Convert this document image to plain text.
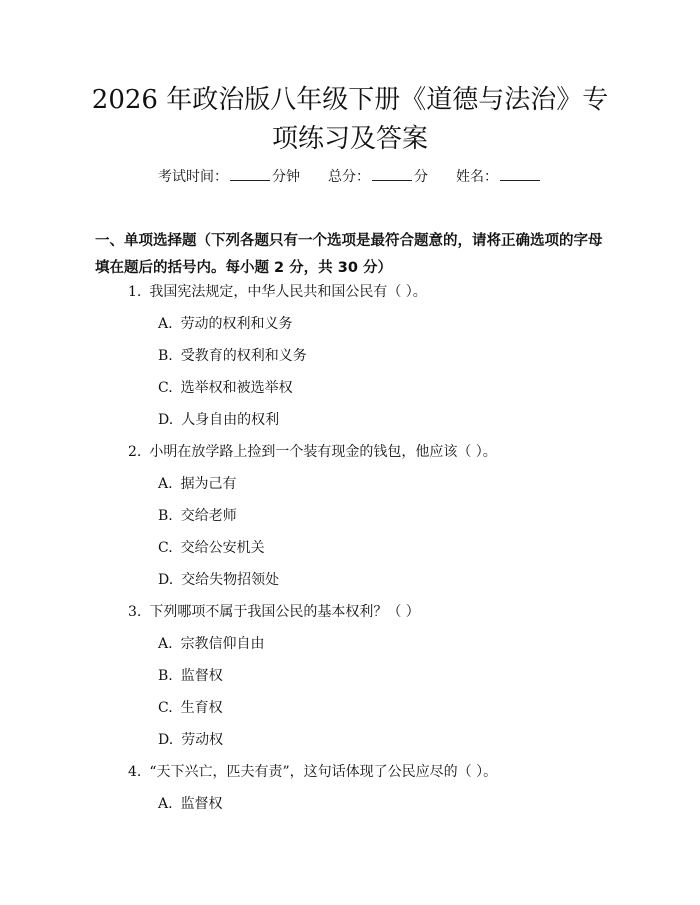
2026 年政治版八年级下册《道德与法治》专
项练习及答案
考试时间：	分钟 总分：	分 姓名：

一、单项选择题（下列各题只有一个选项是最符合题意的，请将正确选项的字母

填在题后的括号内。每小题 2 分，共 30 分）

1. 我国宪法规定，中华人民共和国公民有（ ）。
A. 劳动的权利和义务
B. 受教育的权利和义务
C. 选举权和被选举权
D. 人身自由的权利
2. 小明在放学路上捡到一个装有现金的钱包，他应该（ ）。
A. 据为己有
B. 交给老师
C. 交给公安机关
D. 交给失物招领处
3. 下列哪项不属于我国公民的基本权利？（ ）
A. 宗教信仰自由
B. 监督权
C. 生育权
D. 劳动权
4. “天下兴亡，匹夫有责”，这句话体现了公民应尽的（ ）。
A. 监督权
